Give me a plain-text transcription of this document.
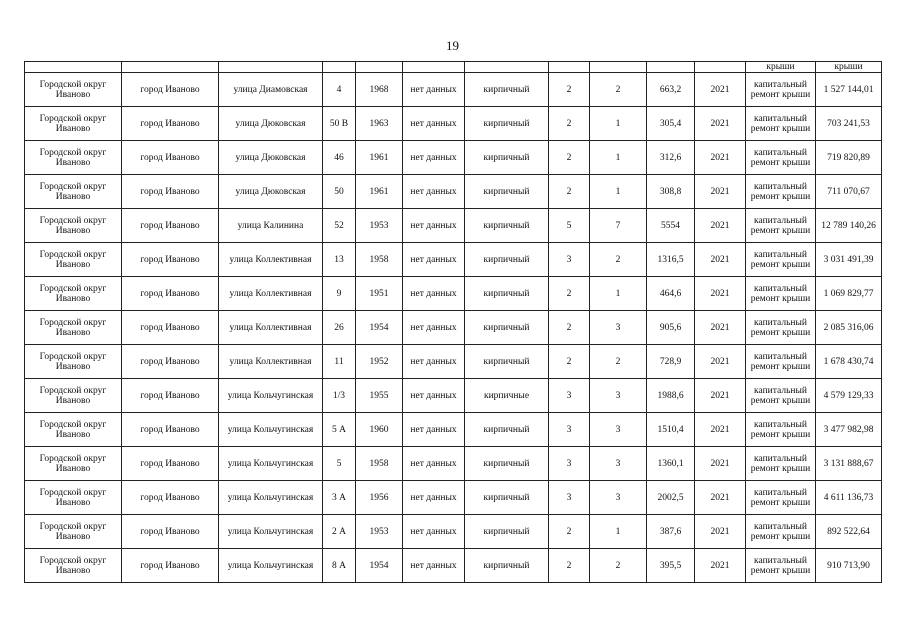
19
											крыши	крыши
Городской округ Иваново	город Иваново	улица Диамовская	4	1968	нет данных	кирпичный	2	2	663,2	2021	капитальный ремонт крыши	1 527 144,01
Городской округ Иваново	город Иваново	улица Дюковская	50 В	1963	нет данных	кирпичный	2	1	305,4	2021	капитальный ремонт крыши	703 241,53
Городской округ Иваново	город Иваново	улица Дюковская	46	1961	нет данных	кирпичный	2	1	312,6	2021	капитальный ремонт крыши	719 820,89
Городской округ Иваново	город Иваново	улица Дюковская	50	1961	нет данных	кирпичный	2	1	308,8	2021	капитальный ремонт крыши	711 070,67
Городской округ Иваново	город Иваново	улица Калинина	52	1953	нет данных	кирпичный	5	7	5554	2021	капитальный ремонт крыши	12 789 140,26
Городской округ Иваново	город Иваново	улица Коллективная	13	1958	нет данных	кирпичный	3	2	1316,5	2021	капитальный ремонт крыши	3 031 491,39
Городской округ Иваново	город Иваново	улица Коллективная	9	1951	нет данных	кирпичный	2	1	464,6	2021	капитальный ремонт крыши	1 069 829,77
Городской округ Иваново	город Иваново	улица Коллективная	26	1954	нет данных	кирпичный	2	3	905,6	2021	капитальный ремонт крыши	2 085 316,06
Городской округ Иваново	город Иваново	улица Коллективная	11	1952	нет данных	кирпичный	2	2	728,9	2021	капитальный ремонт крыши	1 678 430,74
Городской округ Иваново	город Иваново	улица Кольчугинская	1/3	1955	нет данных	кирпичные	3	3	1988,6	2021	капитальный ремонт крыши	4 579 129,33
Городской округ Иваново	город Иваново	улица Кольчугинская	5 А	1960	нет данных	кирпичный	3	3	1510,4	2021	капитальный ремонт крыши	3 477 982,98
Городской округ Иваново	город Иваново	улица Кольчугинская	5	1958	нет данных	кирпичный	3	3	1360,1	2021	капитальный ремонт крыши	3 131 888,67
Городской округ Иваново	город Иваново	улица Кольчугинская	3 А	1956	нет данных	кирпичный	3	3	2002,5	2021	капитальный ремонт крыши	4 611 136,73
Городской округ Иваново	город Иваново	улица Кольчугинская	2 А	1953	нет данных	кирпичный	2	1	387,6	2021	капитальный ремонт крыши	892 522,64
Городской округ Иваново	город Иваново	улица Кольчугинская	8 А	1954	нет данных	кирпичный	2	2	395,5	2021	капитальный ремонт крыши	910 713,90
